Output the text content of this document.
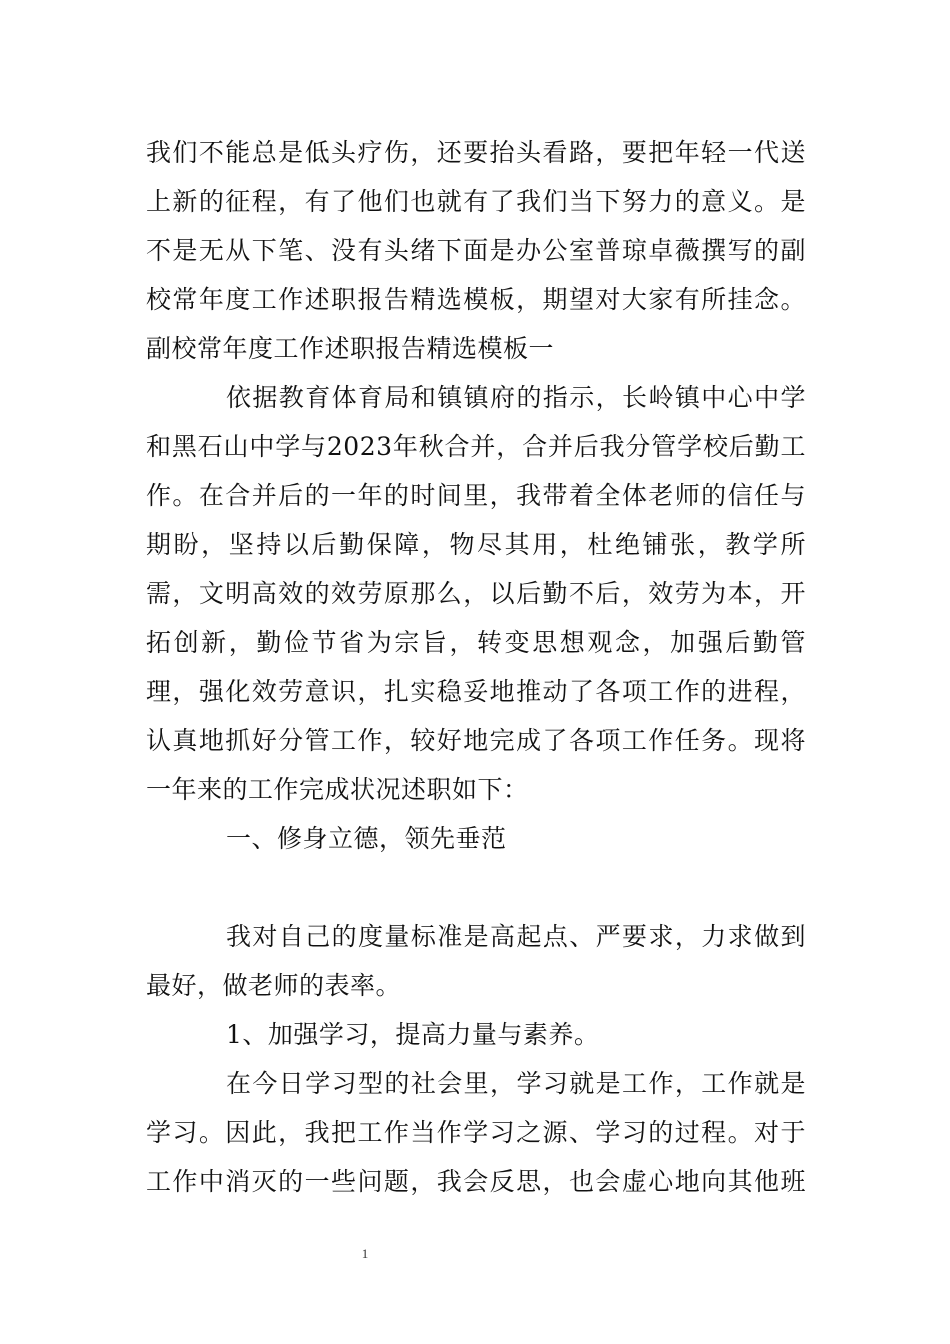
我们不能总是低头疗伤，还要抬头看路，要把年轻一代送
上新的征程，有了他们也就有了我们当下努力的意义。是
不是无从下笔、没有头绪下面是办公室普琼卓薇撰写的副
校常年度工作述职报告精选模板，期望对大家有所挂念。
副校常年度工作述职报告精选模板一
依据教育体育局和镇镇府的指示，长岭镇中心中学
和黑石山中学与2023年秋合并，合并后我分管学校后勤工
作。在合并后的一年的时间里，我带着全体老师的信任与
期盼，坚持以后勤保障，物尽其用，杜绝铺张，教学所
需，文明高效的效劳原那么，以后勤不后，效劳为本，开
拓创新，勤俭节省为宗旨，转变思想观念，加强后勤管
理，强化效劳意识，扎实稳妥地推动了各项工作的进程，
认真地抓好分管工作，较好地完成了各项工作任务。现将
一年来的工作完成状况述职如下：
一、修身立德，领先垂范
我对自己的度量标准是高起点、严要求，力求做到
最好，做老师的表率。
1、加强学习，提高力量与素养。
在今日学习型的社会里，学习就是工作，工作就是
学习。因此，我把工作当作学习之源、学习的过程。对于
工作中消灭的一些问题，我会反思，也会虚心地向其他班
1
